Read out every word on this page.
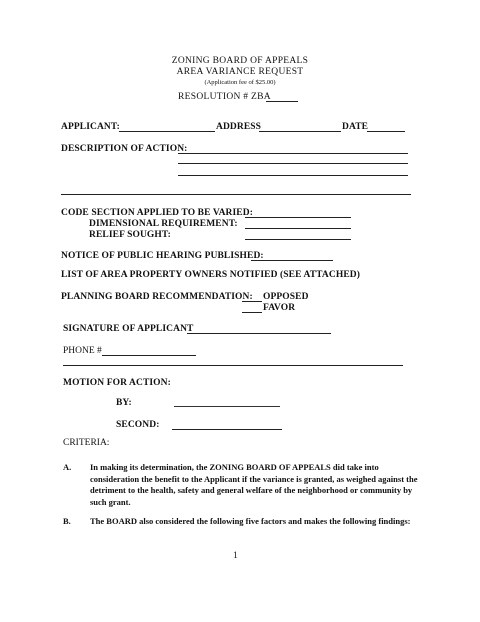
ZONING BOARD OF APPEALS
AREA VARIANCE REQUEST
(Application fee of $25.00)
RESOLUTION # ZBA
APPLICANT:	ADDRESS	DATE
DESCRIPTION OF ACTION:
CODE SECTION APPLIED TO BE VARIED:
DIMENSIONAL REQUIREMENT:
RELIEF SOUGHT:
NOTICE OF PUBLIC HEARING PUBLISHED:
LIST OF AREA PROPERTY OWNERS NOTIFIED (SEE ATTACHED)
PLANNING BOARD RECOMMENDATION: OPPOSED
FAVOR
SIGNATURE OF APPLICANT
PHONE #
MOTION FOR ACTION:
BY:
SECOND:
CRITERIA:
A.	In making its determination, the ZONING BOARD OF APPEALS did take into consideration the benefit to the Applicant if the variance is granted, as weighed against the detriment to the health, safety and general welfare of the neighborhood or community by such grant.
B.	The BOARD also considered the following five factors and makes the following findings:
1
